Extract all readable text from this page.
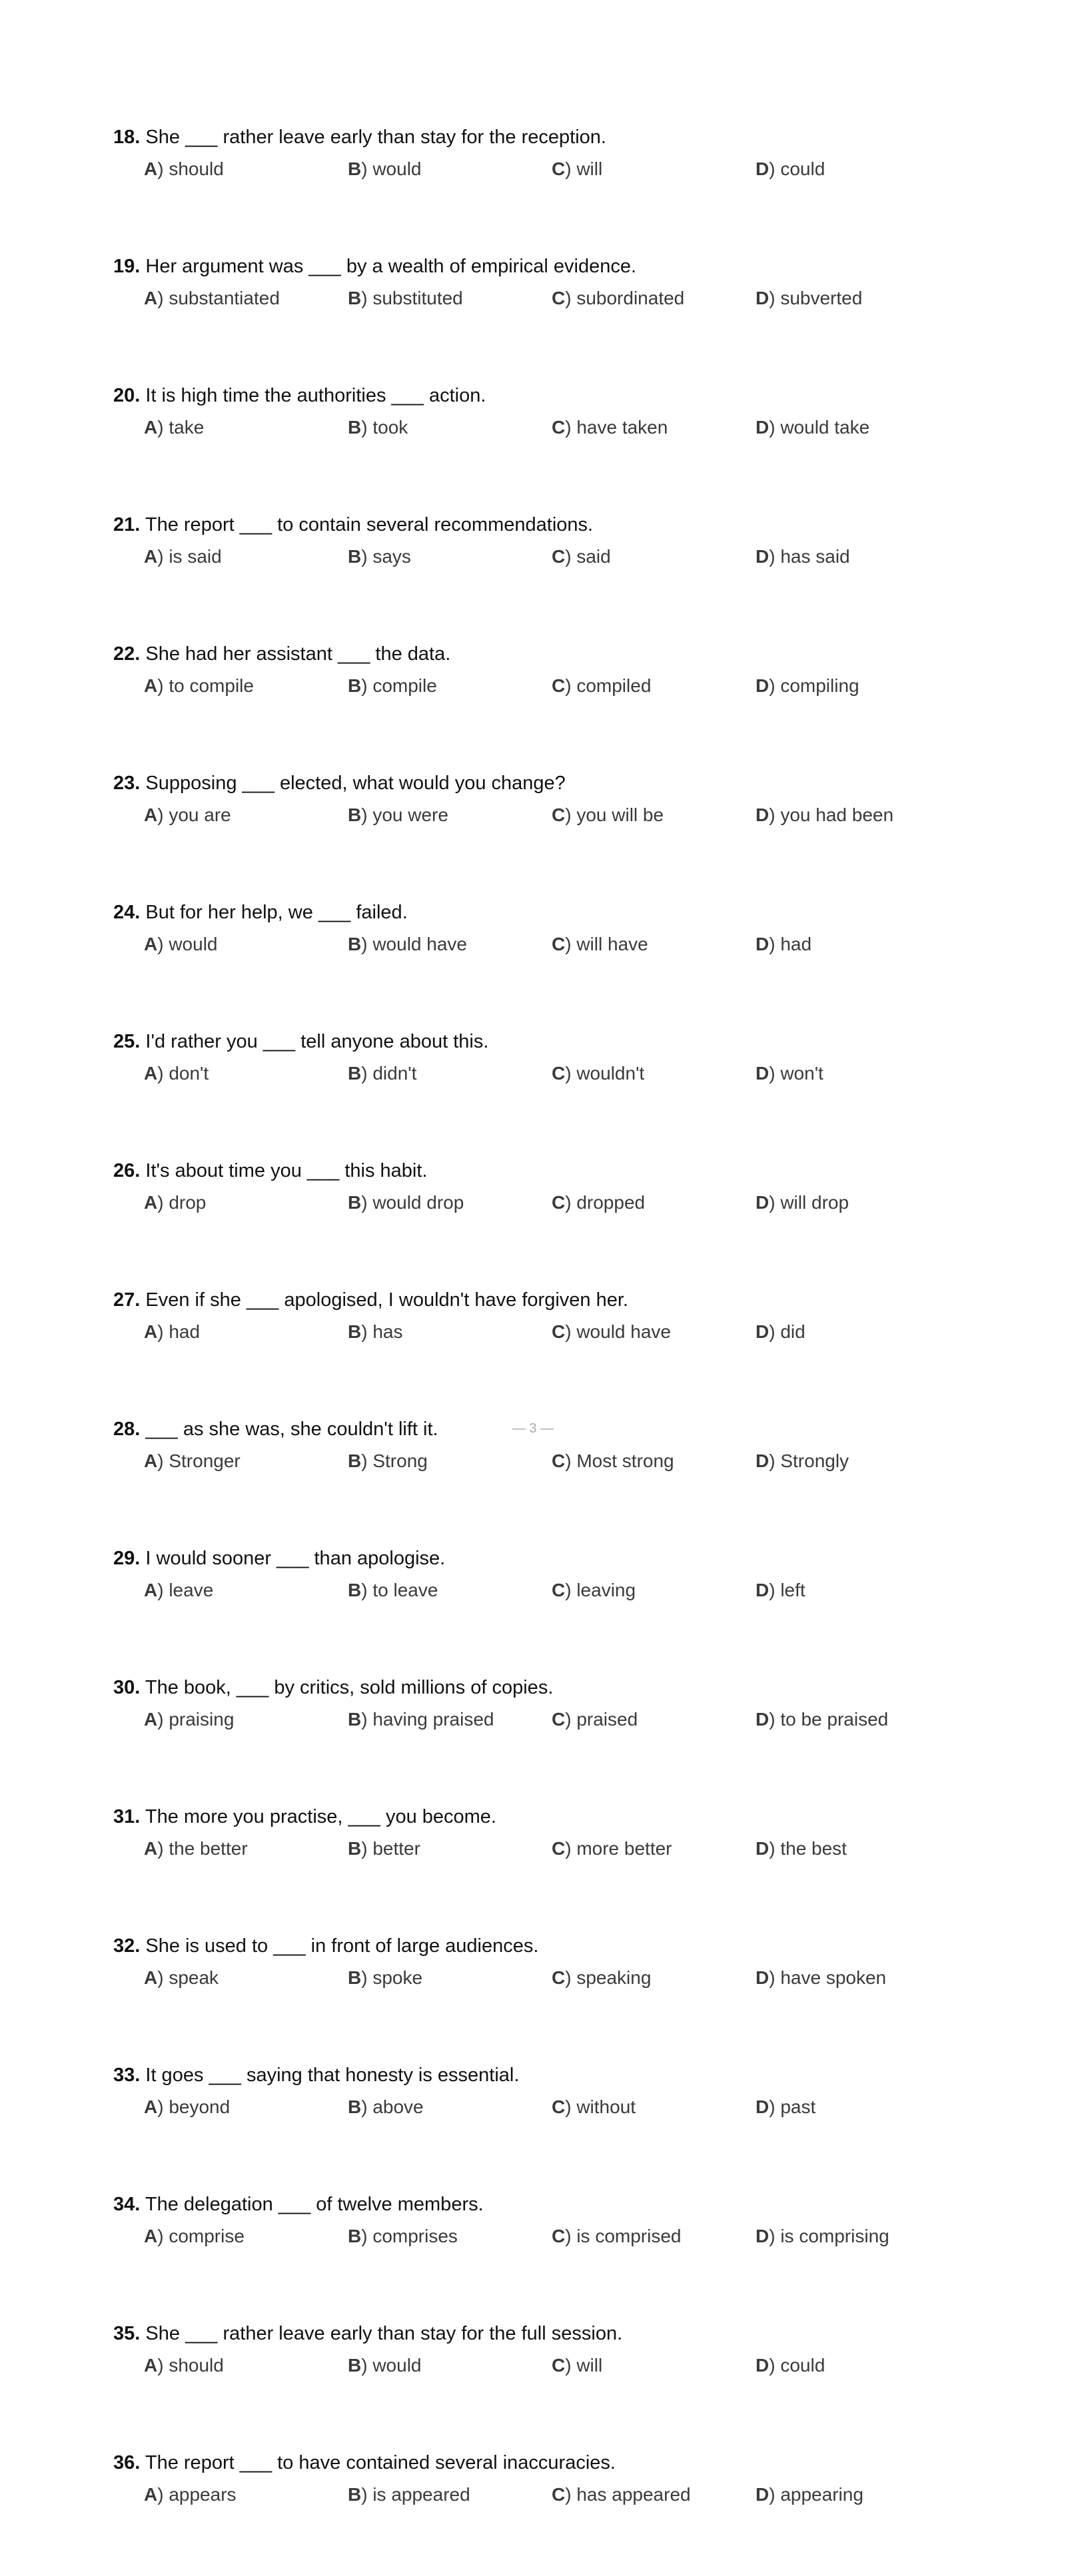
18. She ___ rather leave early than stay for the reception.
A) should	B) would	C) will	D) could
19. Her argument was ___ by a wealth of empirical evidence.
A) substantiated	B) substituted	C) subordinated	D) subverted
20. It is high time the authorities ___ action.
A) take	B) took	C) have taken	D) would take
21. The report ___ to contain several recommendations.
A) is said	B) says	C) said	D) has said
22. She had her assistant ___ the data.
A) to compile	B) compile	C) compiled	D) compiling
23. Supposing ___ elected, what would you change?
A) you are	B) you were	C) you will be	D) you had been
24. But for her help, we ___ failed.
A) would	B) would have	C) will have	D) had
25. I'd rather you ___ tell anyone about this.
A) don't	B) didn't	C) wouldn't	D) won't
26. It's about time you ___ this habit.
A) drop	B) would drop	C) dropped	D) will drop
27. Even if she ___ apologised, I wouldn't have forgiven her.
A) had	B) has	C) would have	D) did
28. ___ as she was, she couldn't lift it.
A) Stronger	B) Strong	C) Most strong	D) Strongly
29. I would sooner ___ than apologise.
A) leave	B) to leave	C) leaving	D) left
30. The book, ___ by critics, sold millions of copies.
A) praising	B) having praised	C) praised	D) to be praised
31. The more you practise, ___ you become.
A) the better	B) better	C) more better	D) the best
32. She is used to ___ in front of large audiences.
A) speak	B) spoke	C) speaking	D) have spoken
33. It goes ___ saying that honesty is essential.
A) beyond	B) above	C) without	D) past
34. The delegation ___ of twelve members.
A) comprise	B) comprises	C) is comprised	D) is comprising
35. She ___ rather leave early than stay for the full session.
A) should	B) would	C) will	D) could
36. The report ___ to have contained several inaccuracies.
A) appears	B) is appeared	C) has appeared	D) appearing
— 3 —
